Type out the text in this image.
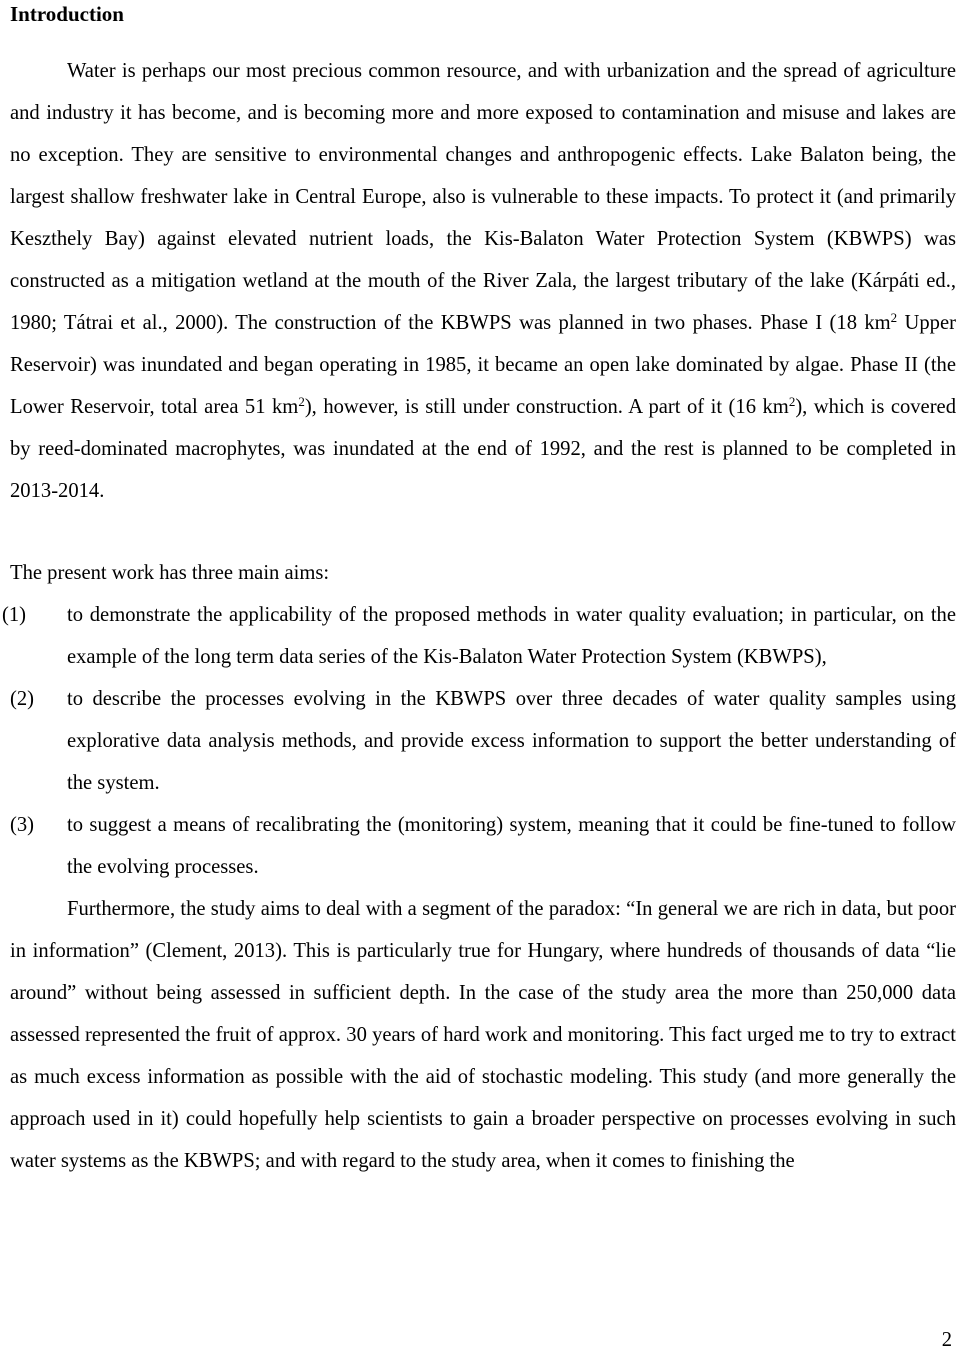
Introduction

Water is perhaps our most precious common resource, and with urbanization and the spread of agriculture and industry it has become, and is becoming more and more exposed to contamination and misuse and lakes are no exception. They are sensitive to environmental changes and anthropogenic effects. Lake Balaton being, the largest shallow freshwater lake in Central Europe, also is vulnerable to these impacts. To protect it (and primarily Keszthely Bay) against elevated nutrient loads, the Kis-Balaton Water Protection System (KBWPS) was constructed as a mitigation wetland at the mouth of the River Zala, the largest tributary of the lake (Kárpáti ed., 1980; Tátrai et al., 2000). The construction of the KBWPS was planned in two phases. Phase I (18 $km^2$ Upper Reservoir) was inundated and began operating in 1985, it became an open lake dominated by algae. Phase II (the Lower Reservoir, total area 51 $km^2$), however, is still under construction. A part of it (16 $km^2$), which is covered by reed-dominated macrophytes, was inundated at the end of 1992, and the rest is planned to be completed in 2013-2014.

The present work has three main aims:

(1) to demonstrate the applicability of the proposed methods in water quality evaluation; in particular, on the example of the long term data series of the Kis-Balaton Water Protection System (KBWPS),
(2) to describe the processes evolving in the KBWPS over three decades of water quality samples using explorative data analysis methods, and provide excess information to support the better understanding of the system.
(3) to suggest a means of recalibrating the (monitoring) system, meaning that it could be fine-tuned to follow the evolving processes.

Furthermore, the study aims to deal with a segment of the paradox: “In general we are rich in data, but poor in information” (Clement, 2013). This is particularly true for Hungary, where hundreds of thousands of data “lie around” without being assessed in sufficient depth. In the case of the study area the more than 250,000 data assessed represented the fruit of approx. 30 years of hard work and monitoring. This fact urged me to try to extract as much excess information as possible with the aid of stochastic modeling. This study (and more generally the approach used in it) could hopefully help scientists to gain a broader perspective on processes evolving in such water systems as the KBWPS; and with regard to the study area, when it comes to finishing the

2
